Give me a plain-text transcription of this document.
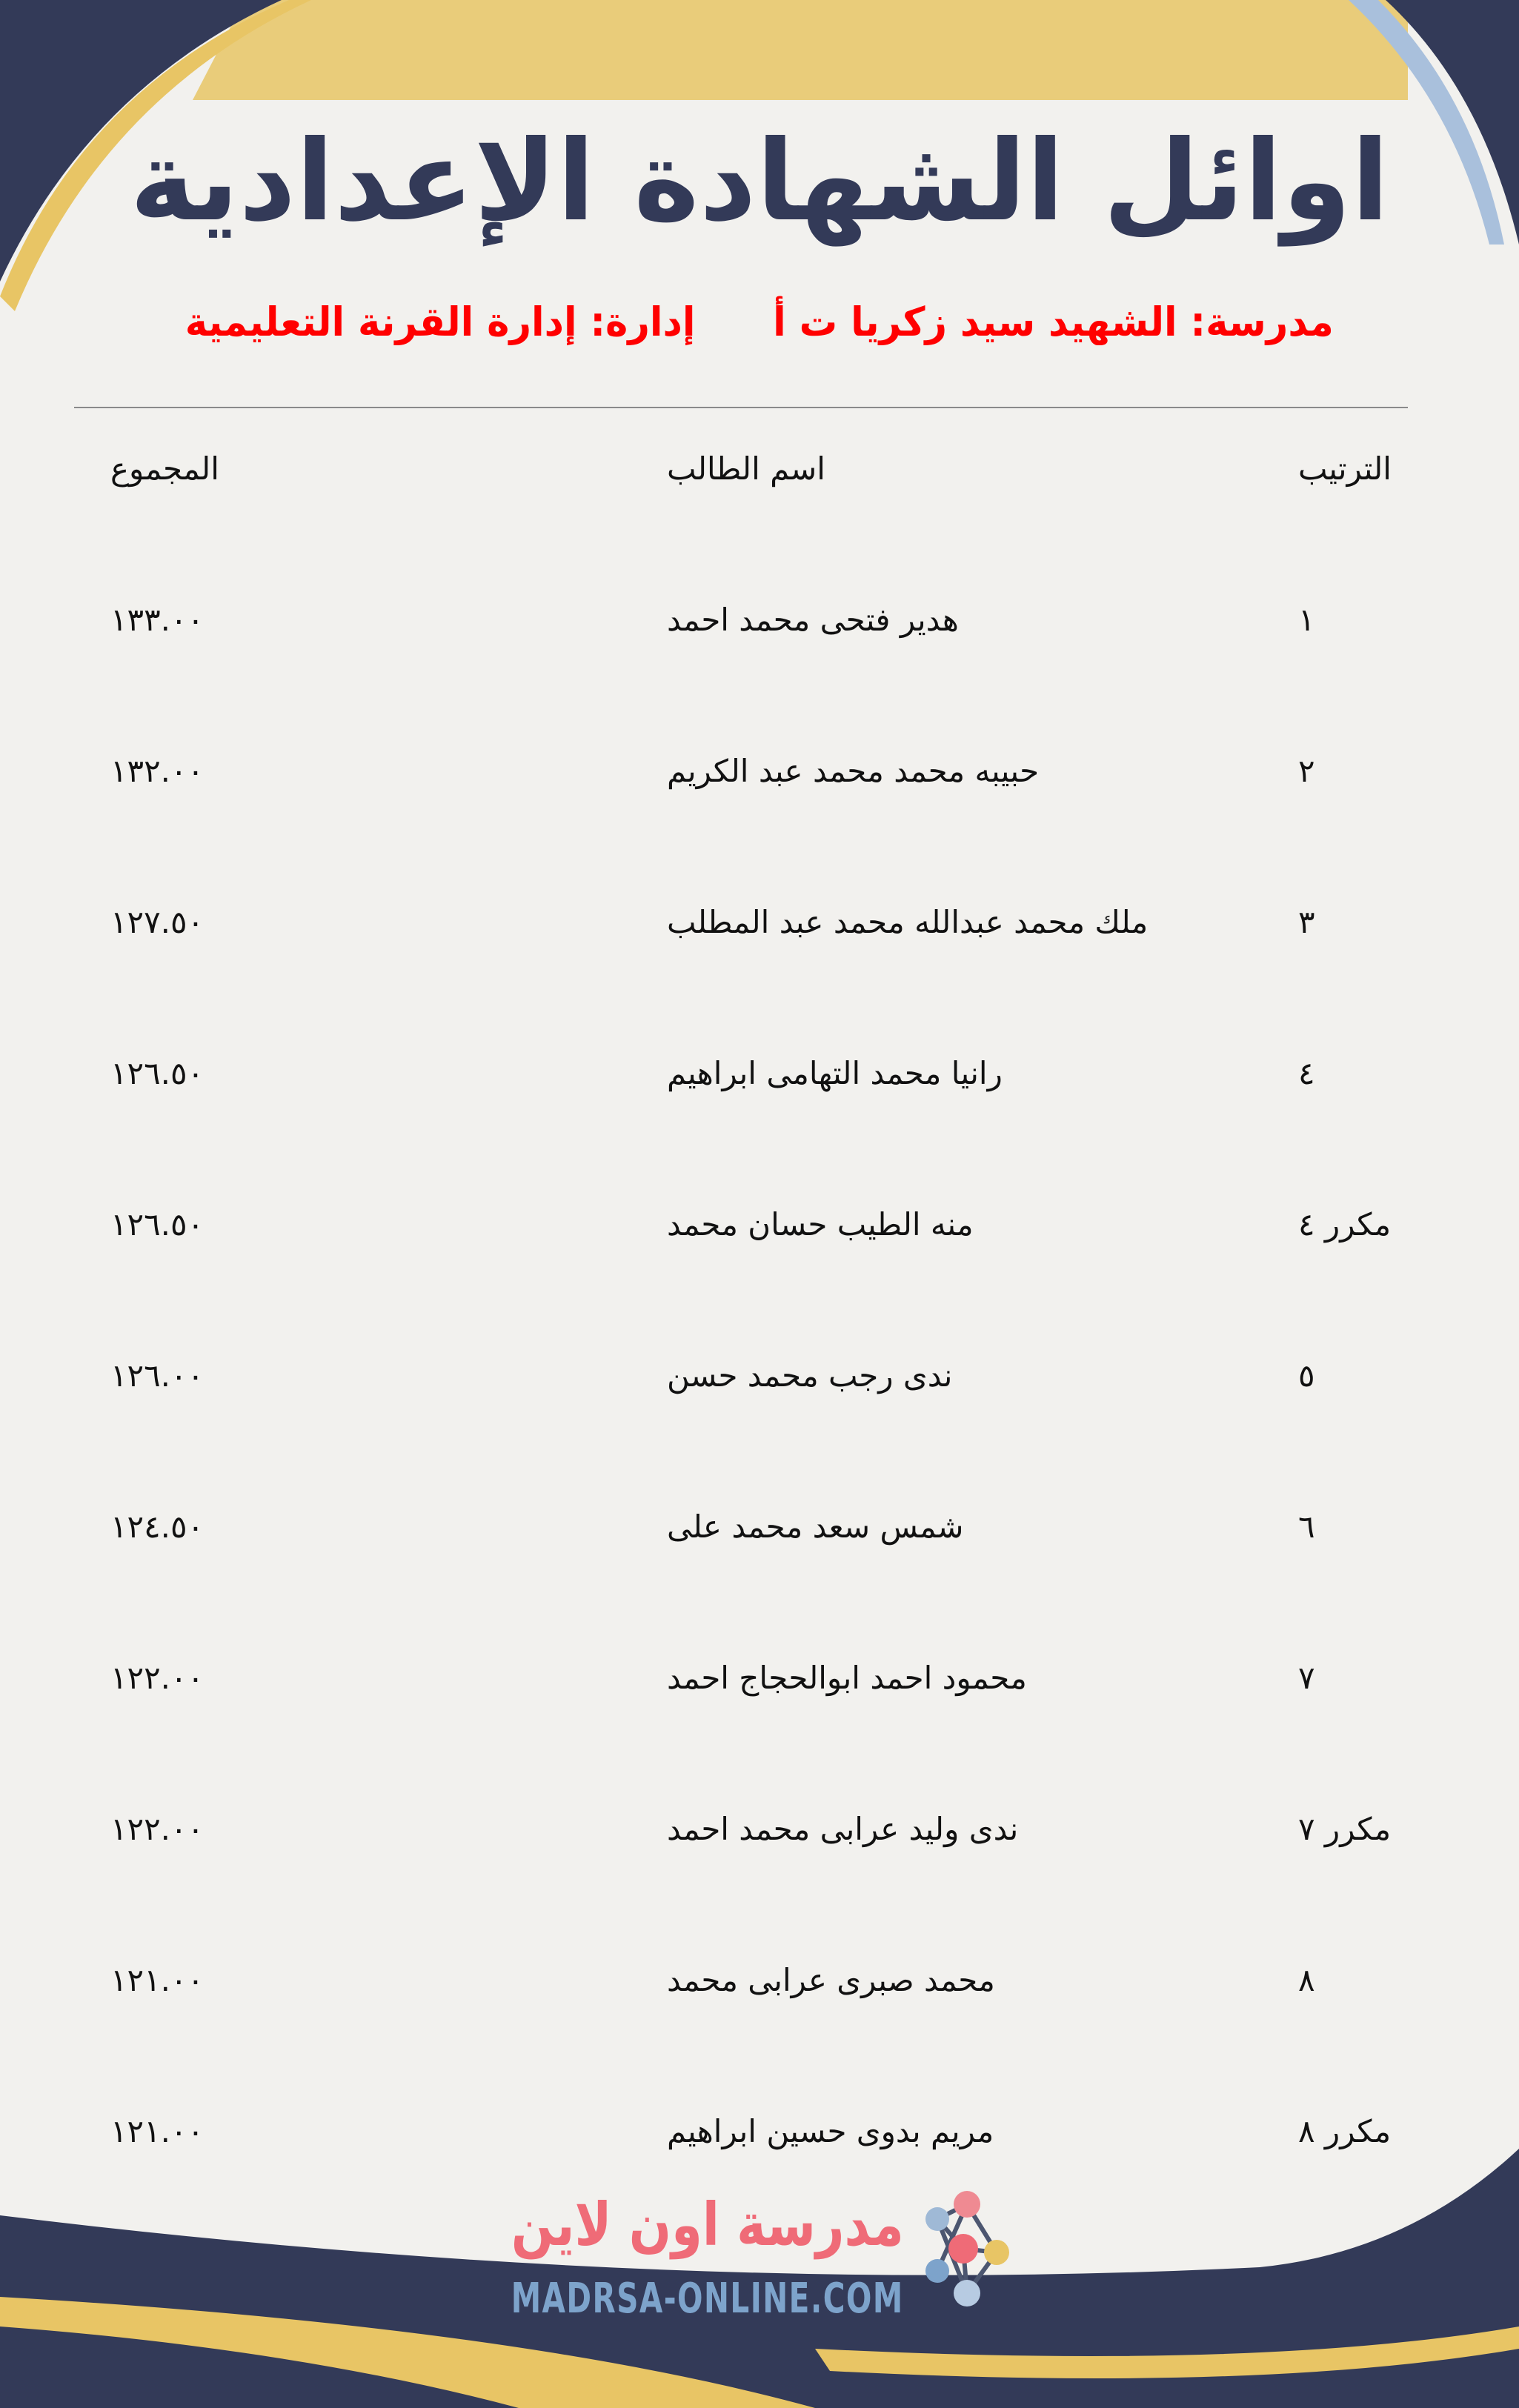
اوائل الشهادة الإعدادية
مدرسة: الشهيد سيد زكريا ت أإدارة: إدارة القرنة التعليمية
الترتيب
اسم الطالب
المجموع
١
هدير فتحى محمد احمد
١٣٣.٠٠
٢
حبيبه محمد محمد عبد الكريم
١٣٢.٠٠
٣
ملك محمد عبدالله محمد عبد المطلب
١٢٧.٥٠
٤
رانيا محمد التهامى ابراهيم
١٢٦.٥٠
مكرر ٤
منه الطيب حسان محمد
١٢٦.٥٠
٥
ندى رجب محمد حسن
١٢٦.٠٠
٦
شمس سعد محمد على
١٢٤.٥٠
٧
محمود احمد ابوالحجاج احمد
١٢٢.٠٠
مكرر ٧
ندى وليد عرابى محمد احمد
١٢٢.٠٠
٨
محمد صبرى عرابى محمد
١٢١.٠٠
مكرر ٨
مريم بدوى حسين ابراهيم
١٢١.٠٠
مدرسة اون لاين
MADRSA-ONLINE.COM
